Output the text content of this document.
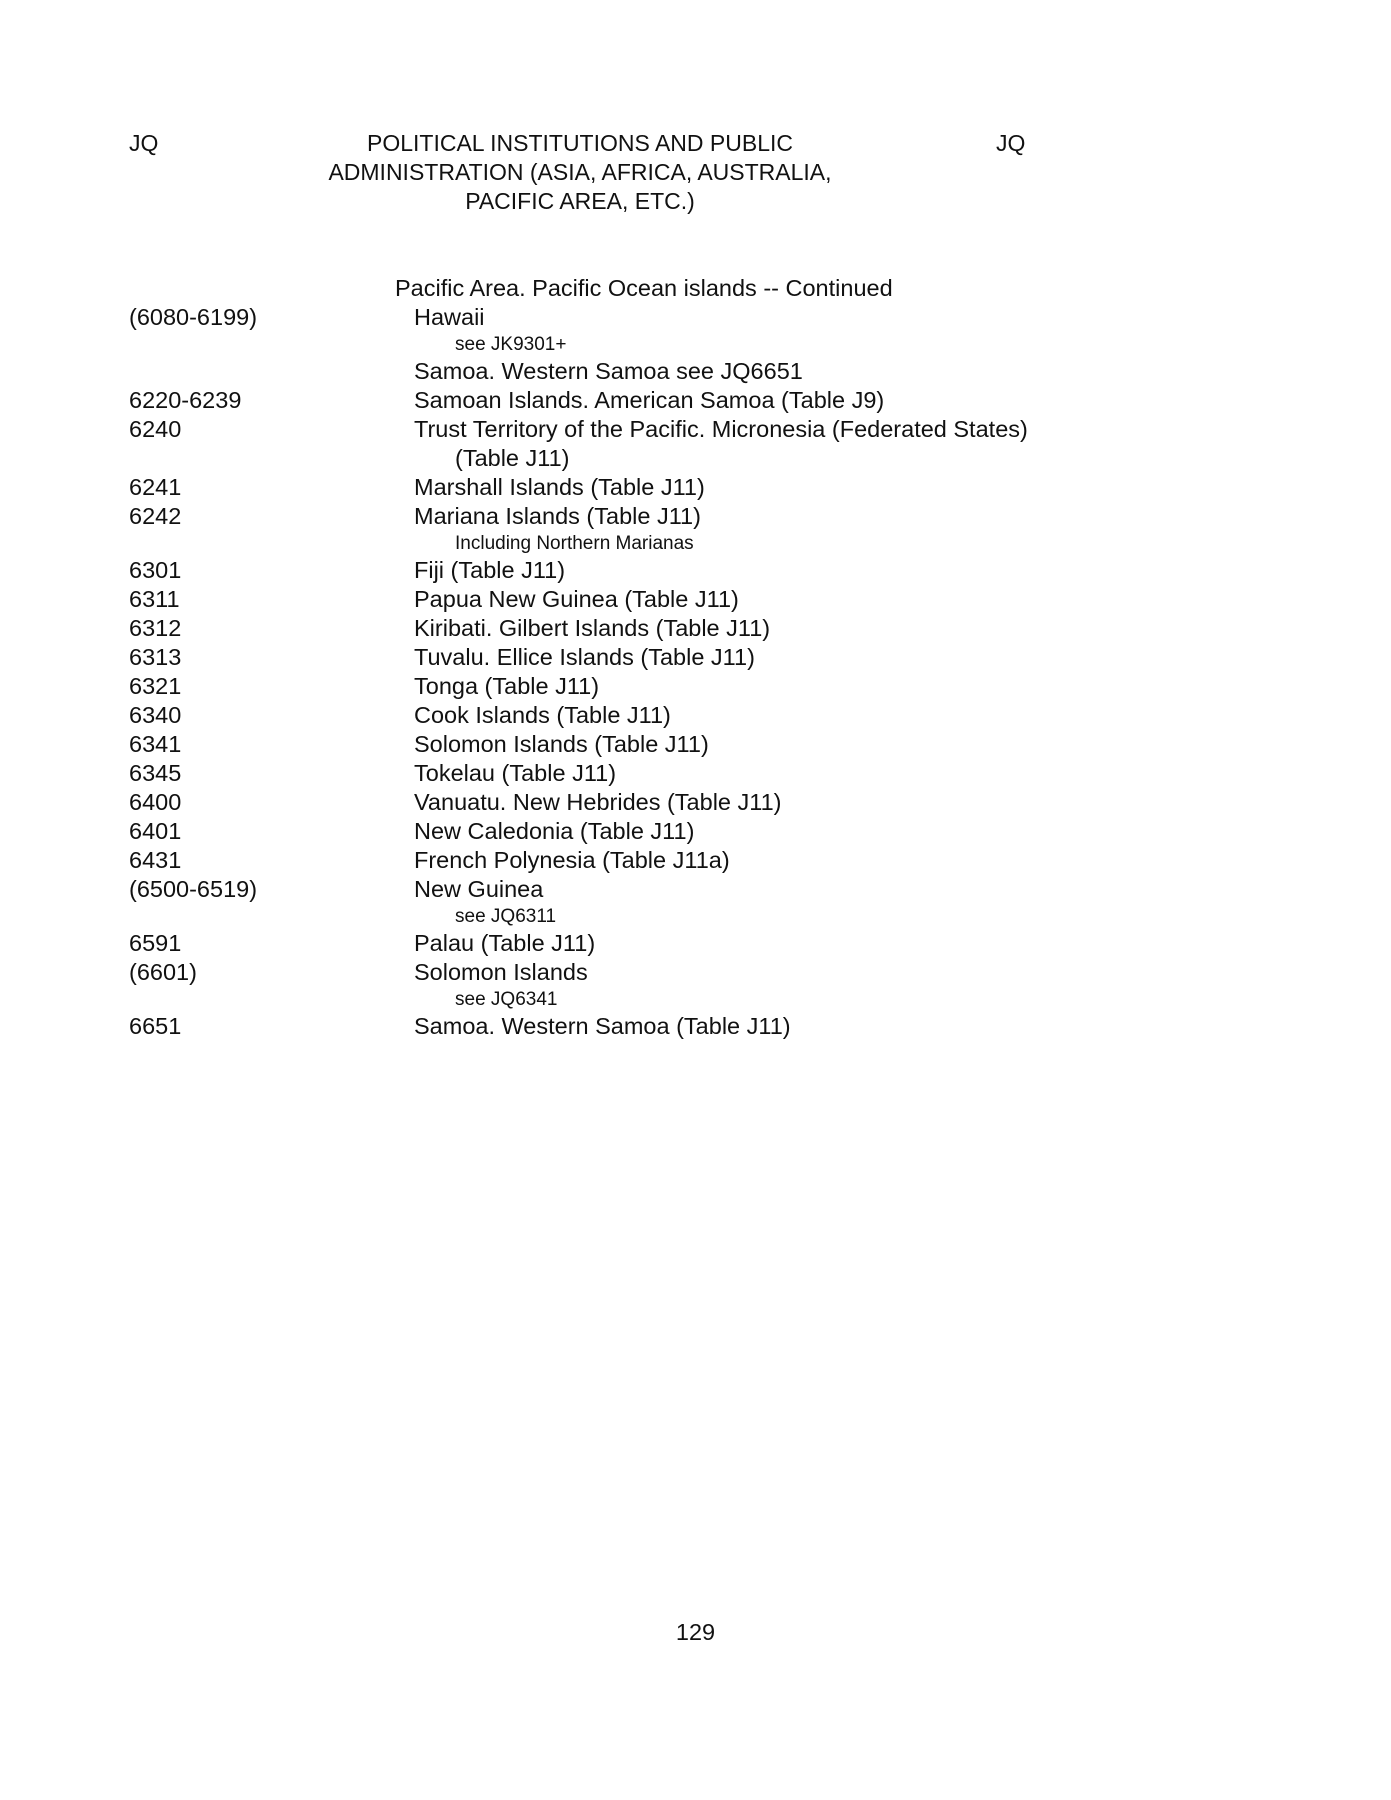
JQ	POLITICAL INSTITUTIONS AND PUBLIC
ADMINISTRATION (ASIA, AFRICA, AUSTRALIA,
PACIFIC AREA, ETC.)
JQ
Pacific Area. Pacific Ocean islands -- Continued
(6080-6199)	Hawaii
see JK9301+
Samoa. Western Samoa see JQ6651
6220-6239	Samoan Islands. American Samoa (Table J9)
6240	Trust Territory of the Pacific. Micronesia (Federated States)
(Table J11)
6241	Marshall Islands (Table J11)
6242	Mariana Islands (Table J11)
Including Northern Marianas
6301	Fiji (Table J11)
6311	Papua New Guinea (Table J11)
6312	Kiribati. Gilbert Islands (Table J11)
6313	Tuvalu. Ellice Islands (Table J11)
6321	Tonga (Table J11)
6340	Cook Islands (Table J11)
6341	Solomon Islands (Table J11)
6345	Tokelau (Table J11)
6400	Vanuatu. New Hebrides (Table J11)
6401	New Caledonia (Table J11)
6431	French Polynesia (Table J11a)
(6500-6519)	New Guinea
see JQ6311
6591	Palau (Table J11)
(6601)	Solomon Islands
see JQ6341
6651	Samoa. Western Samoa (Table J11)
129
